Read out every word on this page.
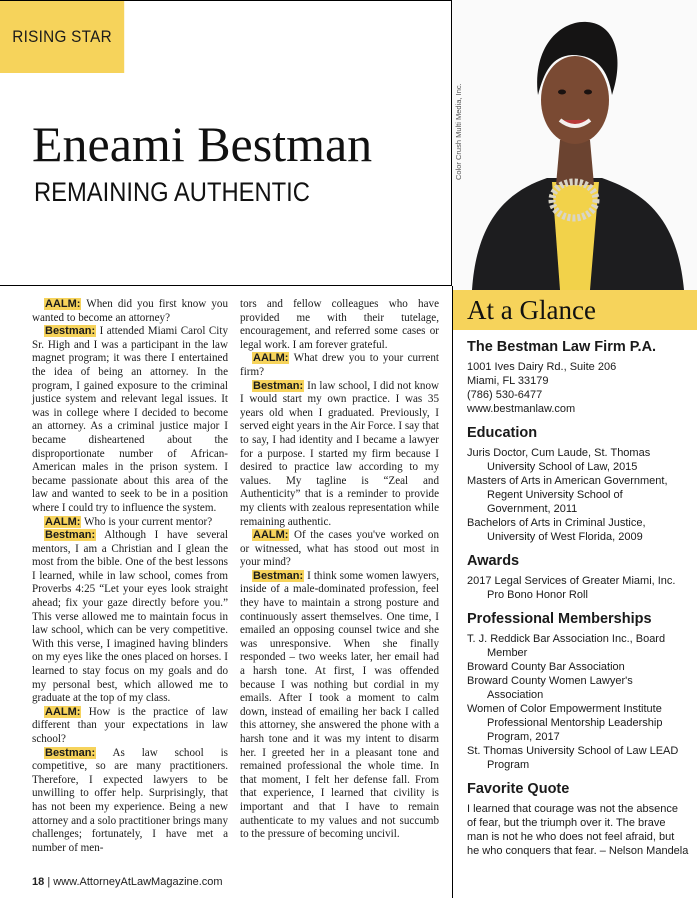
RISING STAR
Eneami Bestman
REMAINING AUTHENTIC
Color Crush Multi Media, Inc.

AALM: When did you first know you wanted to become an attorney?

Bestman: I attended Miami Carol City Sr. High and I was a participant in the law magnet program; it was there I entertained the idea of being an attorney. In the program, I gained exposure to the criminal justice system and relevant legal issues. It was in college where I decided to become an attorney. As a criminal justice major I became disheartened about the disproportionate number of African-American males in the prison system. I became passionate about this area of the law and wanted to seek to be in a position where I could try to influence the system.

AALM: Who is your current mentor?

Bestman: Although I have several mentors, I am a Christian and I glean the most from the bible. One of the best lessons I learned, while in law school, comes from Proverbs 4:25 “Let your eyes look straight ahead; fix your gaze directly before you.” This verse allowed me to maintain focus in law school, which can be very competitive. With this verse, I imagined having blinders on my eyes like the ones placed on horses. I learned to stay focus on my goals and do my personal best, which allowed me to graduate at the top of my class.

AALM: How is the practice of law different than your expectations in law school?

Bestman: As law school is competitive, so are many practitioners. Therefore, I expected lawyers to be unwilling to offer help. Surprisingly, that has not been my experience. Being a new attorney and a solo practitioner brings many challenges; fortunately, I have met a number of men-

tors and fellow colleagues who have provided me with their tutelage, encouragement, and referred some cases or legal work. I am forever grateful.

AALM: What drew you to your current firm?

Bestman: In law school, I did not know I would start my own practice. I was 35 years old when I graduated. Previously, I served eight years in the Air Force. I say that to say, I had identity and I became a lawyer for a purpose. I started my firm because I desired to practice law according to my values. My tagline is “Zeal and Authenticity” that is a reminder to provide my clients with zealous representation while remaining authentic.

AALM: Of the cases you've worked on or witnessed, what has stood out most in your mind?

Bestman: I think some women lawyers, inside of a male-dominated profession, feel they have to maintain a strong posture and continuously assert themselves. One time, I emailed an opposing counsel twice and she was unresponsive. When she finally responded – two weeks later, her email had a harsh tone. At first, I was offended because I was nothing but cordial in my emails. After I took a moment to calm down, instead of emailing her back I called this attorney, she answered the phone with a harsh tone and it was my intent to disarm her. I greeted her in a pleasant tone and remained professional the whole time. In that moment, I felt her defense fall. From that experience, I learned that civility is important and that I have to remain authenticate to my values and not succumb to the pressure of becoming uncivil.

18 | www.AttorneyAtLawMagazine.com
At a Glance
The Bestman Law Firm P.A.
1001 Ives Dairy Rd., Suite 206
Miami, FL 33179
(786) 530-6477
www.bestmanlaw.com
Education
Juris Doctor, Cum Laude, St. Thomas University School of Law, 2015
Masters of Arts in American Government, Regent University School of Government, 2011
Bachelors of Arts in Criminal Justice, University of West Florida, 2009
Awards
2017 Legal Services of Greater Miami, Inc. Pro Bono Honor Roll
Professional Memberships
T. J. Reddick Bar Association Inc., Board Member
Broward County Bar Association
Broward County Women Lawyer's Association
Women of Color Empowerment Institute Professional Mentorship Leadership Program, 2017
St. Thomas University School of Law LEAD Program
Favorite Quote
I learned that courage was not the absence of fear, but the triumph over it. The brave man is not he who does not feel afraid, but he who conquers that fear. – Nelson Mandela
